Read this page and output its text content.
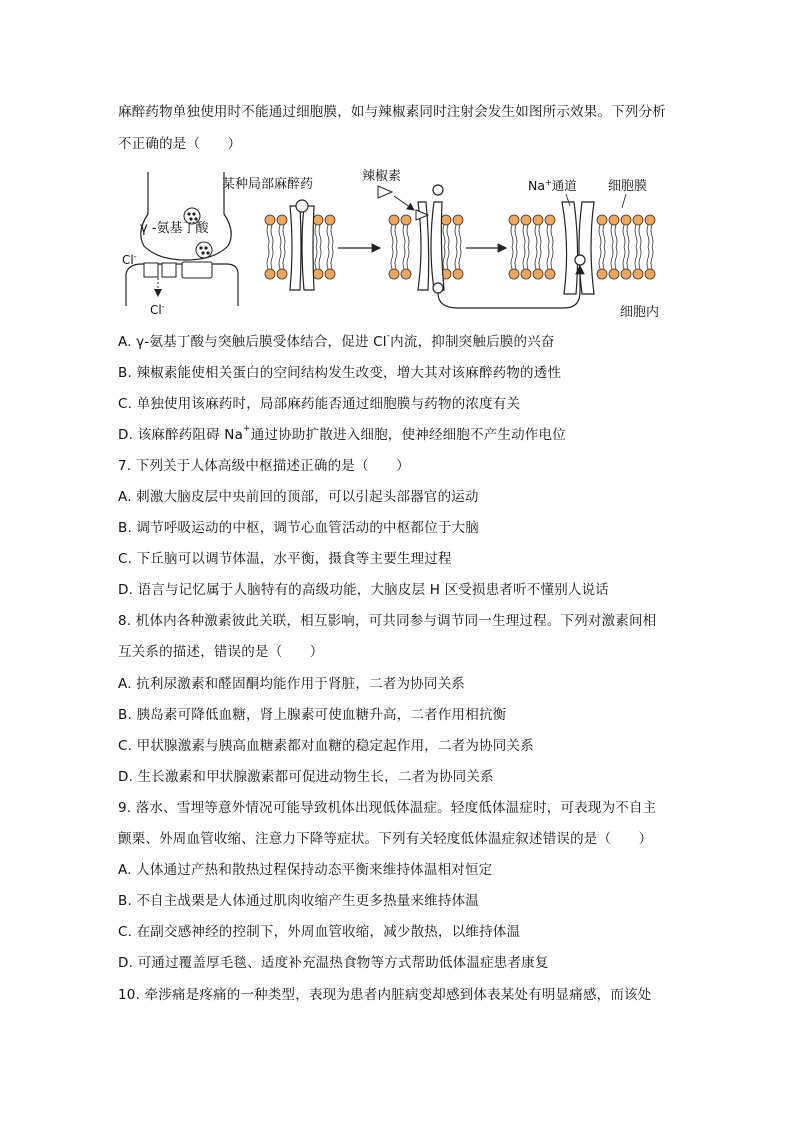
麻醉药物单独使用时不能通过细胞膜，如与辣椒素同时注射会发生如图所示效果。下列分析
不正确的是（　　）
γ -氨基丁酸
Cl-
Cl-
某种局部麻醉药
辣椒素
Na+通道 细胞膜
细胞内
A. γ-氨基丁酸与突触后膜受体结合，促进 Cl-内流，抑制突触后膜的兴奋
B. 辣椒素能使相关蛋白的空间结构发生改变，增大其对该麻醉药物的透性
C. 单独使用该麻药时，局部麻药能否通过细胞膜与药物的浓度有关
D. 该麻醉药阻碍 Na+通过协助扩散进入细胞，使神经细胞不产生动作电位
7. 下列关于人体高级中枢描述正确的是（　　）
A. 刺激大脑皮层中央前回的顶部，可以引起头部器官的运动
B. 调节呼吸运动的中枢，调节心血管活动的中枢都位于大脑
C. 下丘脑可以调节体温，水平衡，摄食等主要生理过程
D. 语言与记忆属于人脑特有的高级功能，大脑皮层 H 区受损患者听不懂别人说话
8. 机体内各种激素彼此关联，相互影响，可共同参与调节同一生理过程。下列对激素间相
互关系的描述，错误的是（　　）
A. 抗利尿激素和醛固酮均能作用于肾脏，二者为协同关系
B. 胰岛素可降低血糖，肾上腺素可使血糖升高，二者作用相抗衡
C. 甲状腺激素与胰高血糖素都对血糖的稳定起作用，二者为协同关系
D. 生长激素和甲状腺激素都可促进动物生长，二者为协同关系
9. 落水、雪埋等意外情况可能导致机体出现低体温症。轻度低体温症时，可表现为不自主
颤栗、外周血管收缩、注意力下降等症状。下列有关轻度低体温症叙述错误的是（　　）
A. 人体通过产热和散热过程保持动态平衡来维持体温相对恒定
B. 不自主战栗是人体通过肌肉收缩产生更多热量来维持体温
C. 在副交感神经的控制下，外周血管收缩，减少散热，以维持体温
D. 可通过覆盖厚毛毯、适度补充温热食物等方式帮助低体温症患者康复
10. 牵涉痛是疼痛的一种类型，表现为患者内脏病变却感到体表某处有明显痛感，而该处
